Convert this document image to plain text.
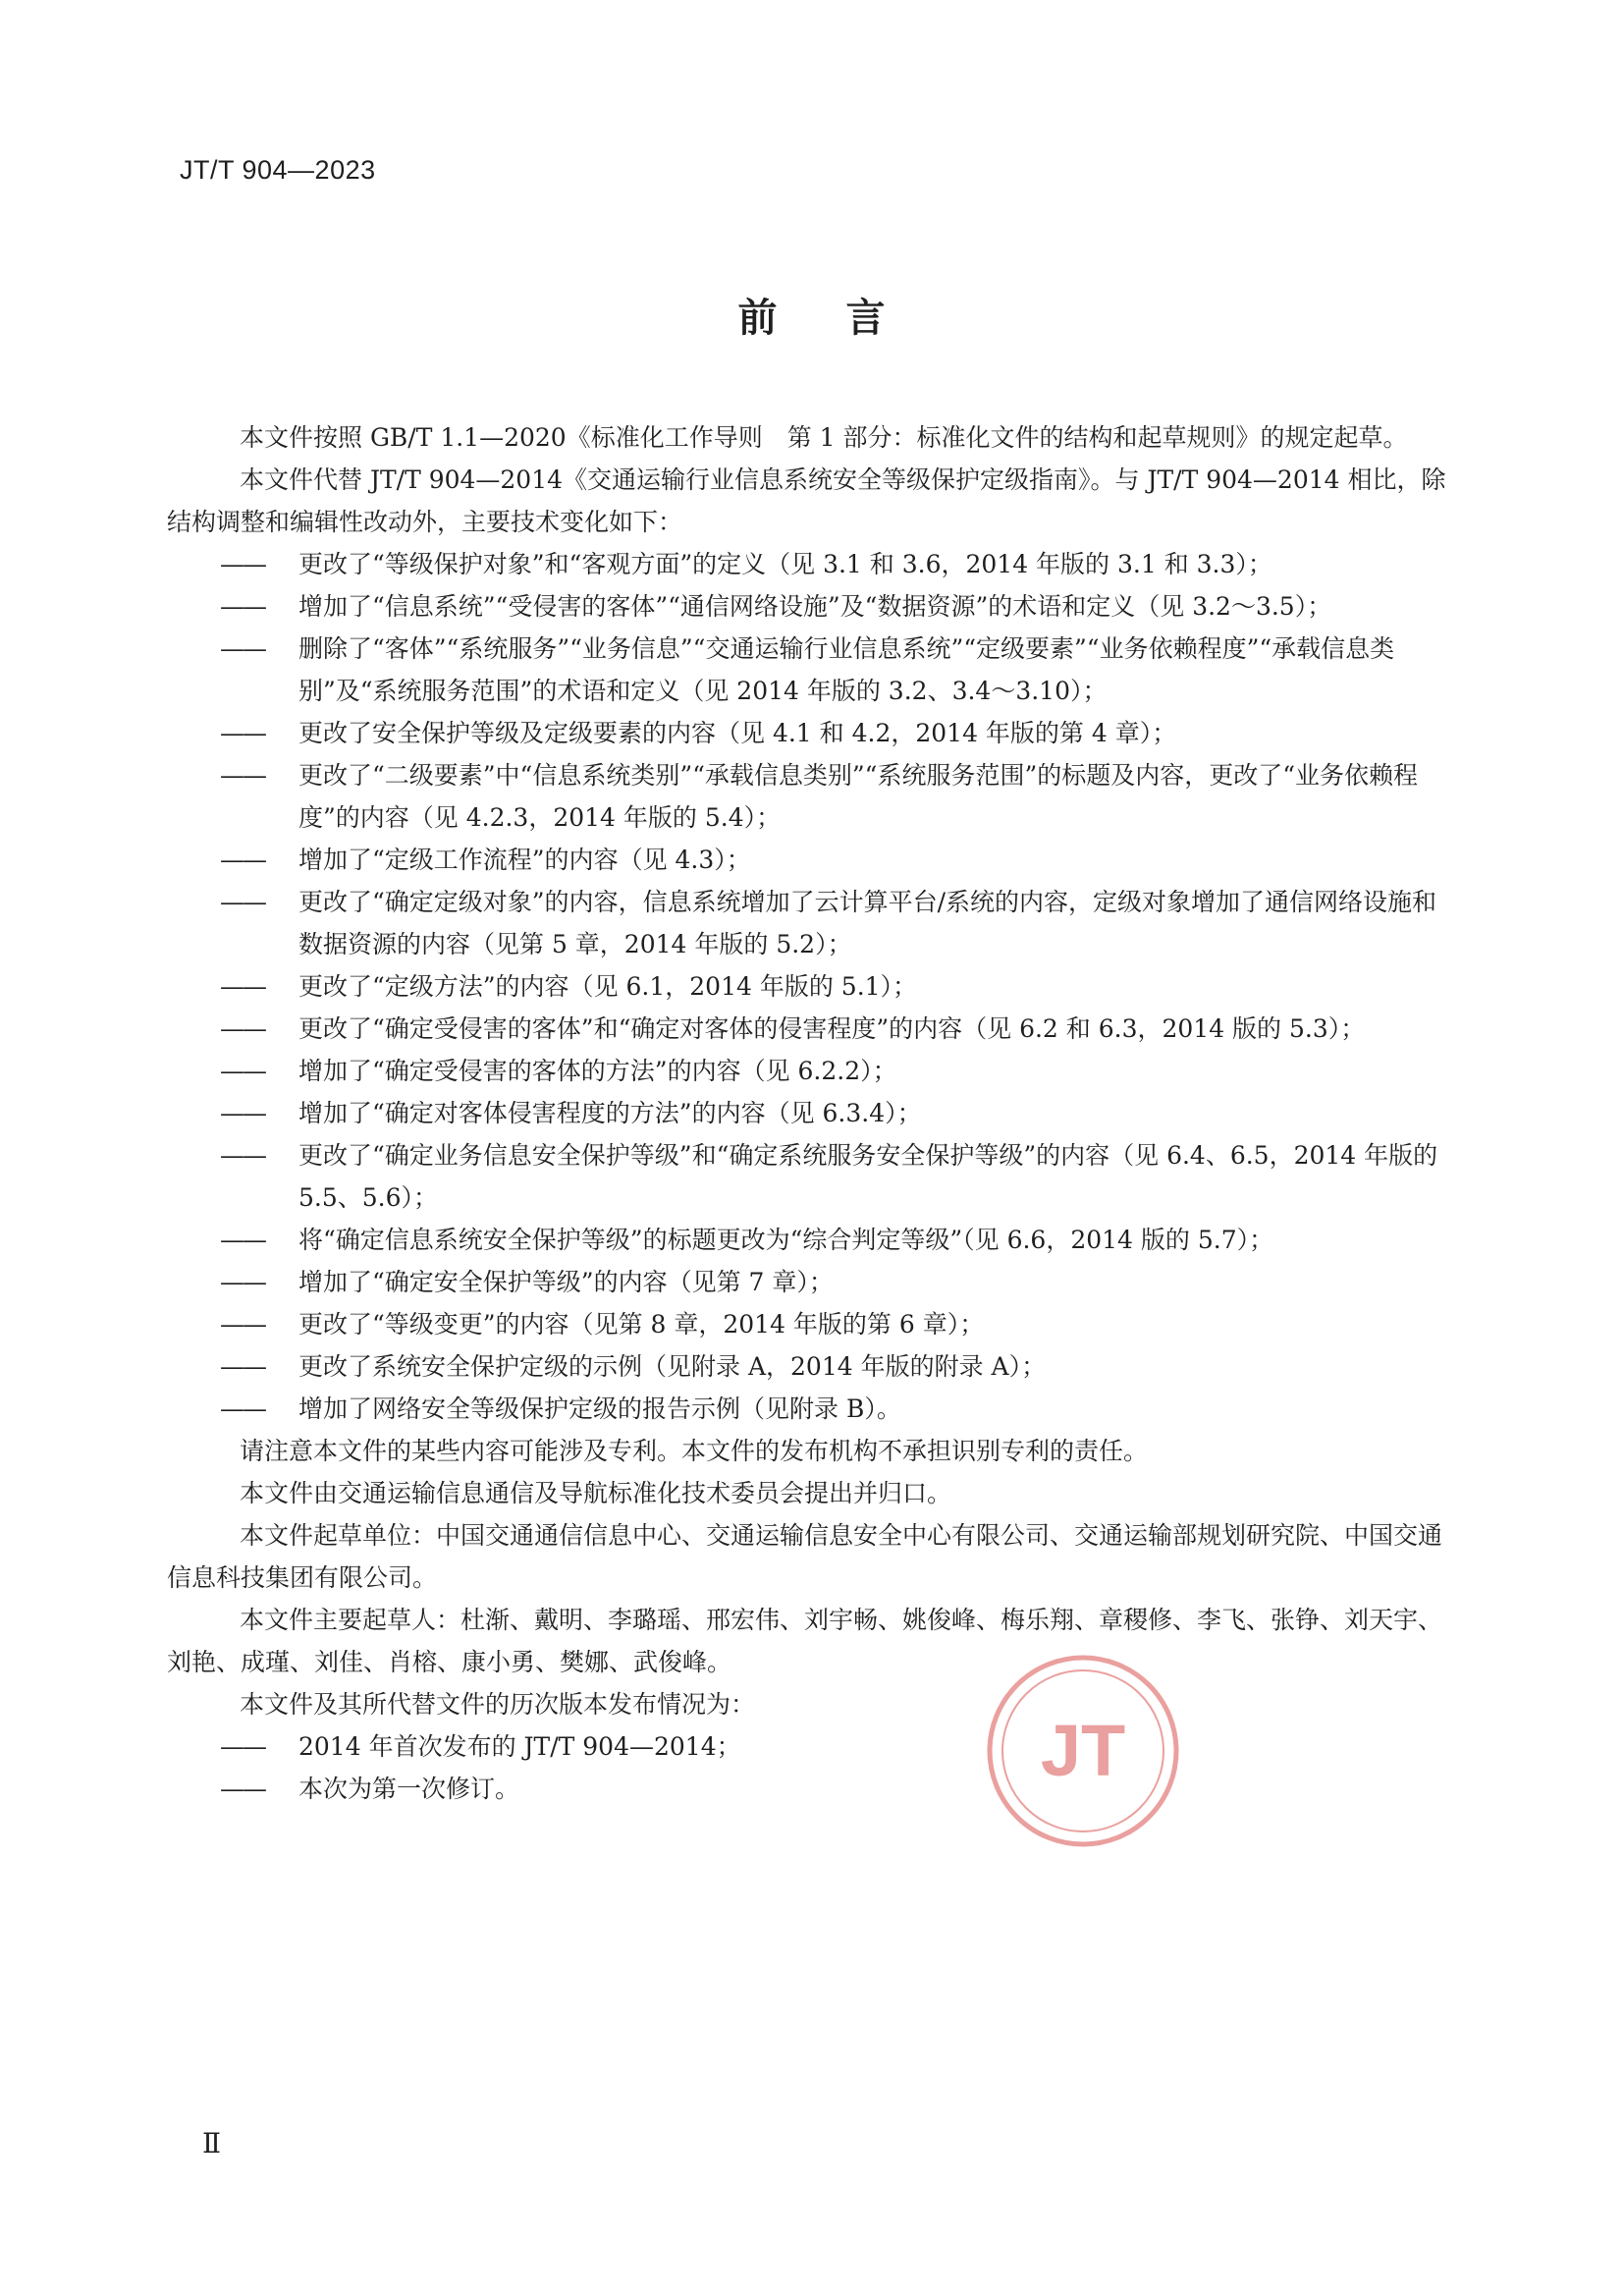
JT/T 904—2023
前言

本文件按照 GB/T 1.1—2020《标准化工作导则　第 1 部分：标准化文件的结构和起草规则》的规定起草。

本文件代替 JT/T 904—2014《交通运输行业信息系统安全等级保护定级指南》。与 JT/T 904—2014 相比，除结构调整和编辑性改动外，主要技术变化如下：

—— 更改了“等级保护对象”和“客观方面”的定义（见 3.1 和 3.6，2014 年版的 3.1 和 3.3）；

—— 增加了“信息系统”“受侵害的客体”“通信网络设施”及“数据资源”的术语和定义（见 3.2～3.5）；

—— 删除了“客体”“系统服务”“业务信息”“交通运输行业信息系统”“定级要素”“业务依赖程度”“承载信息类别”及“系统服务范围”的术语和定义（见 2014 年版的 3.2、3.4～3.10）；

—— 更改了安全保护等级及定级要素的内容（见 4.1 和 4.2，2014 年版的第 4 章）；

—— 更改了“二级要素”中“信息系统类别”“承载信息类别”“系统服务范围”的标题及内容，更改了“业务依赖程度”的内容（见 4.2.3，2014 年版的 5.4）；

—— 增加了“定级工作流程”的内容（见 4.3）；

—— 更改了“确定定级对象”的内容，信息系统增加了云计算平台/系统的内容，定级对象增加了通信网络设施和数据资源的内容（见第 5 章，2014 年版的 5.2）；

—— 更改了“定级方法”的内容（见 6.1，2014 年版的 5.1）；

—— 更改了“确定受侵害的客体”和“确定对客体的侵害程度”的内容（见 6.2 和 6.3，2014 版的 5.3）；

—— 增加了“确定受侵害的客体的方法”的内容（见 6.2.2）；

—— 增加了“确定对客体侵害程度的方法”的内容（见 6.3.4）；

—— 更改了“确定业务信息安全保护等级”和“确定系统服务安全保护等级”的内容（见 6.4、6.5，2014 年版的 5.5、5.6）；

—— 将“确定信息系统安全保护等级”的标题更改为“综合判定等级”（见 6.6，2014 版的 5.7）；

—— 增加了“确定安全保护等级”的内容（见第 7 章）；

—— 更改了“等级变更”的内容（见第 8 章，2014 年版的第 6 章）；

—— 更改了系统安全保护定级的示例（见附录 A，2014 年版的附录 A）；

—— 增加了网络安全等级保护定级的报告示例（见附录 B）。

请注意本文件的某些内容可能涉及专利。本文件的发布机构不承担识别专利的责任。

本文件由交通运输信息通信及导航标准化技术委员会提出并归口。

本文件起草单位：中国交通通信信息中心、交通运输信息安全中心有限公司、交通运输部规划研究院、中国交通信息科技集团有限公司。

本文件主要起草人：杜渐、戴明、李璐瑶、邢宏伟、刘宇畅、姚俊峰、梅乐翔、章稷修、李飞、张铮、刘天宇、刘艳、成瑾、刘佳、肖榕、康小勇、樊娜、武俊峰。

本文件及其所代替文件的历次版本发布情况为：

—— 2014 年首次发布的 JT/T 904—2014；

—— 本次为第一次修订。	JT
Ⅱ
